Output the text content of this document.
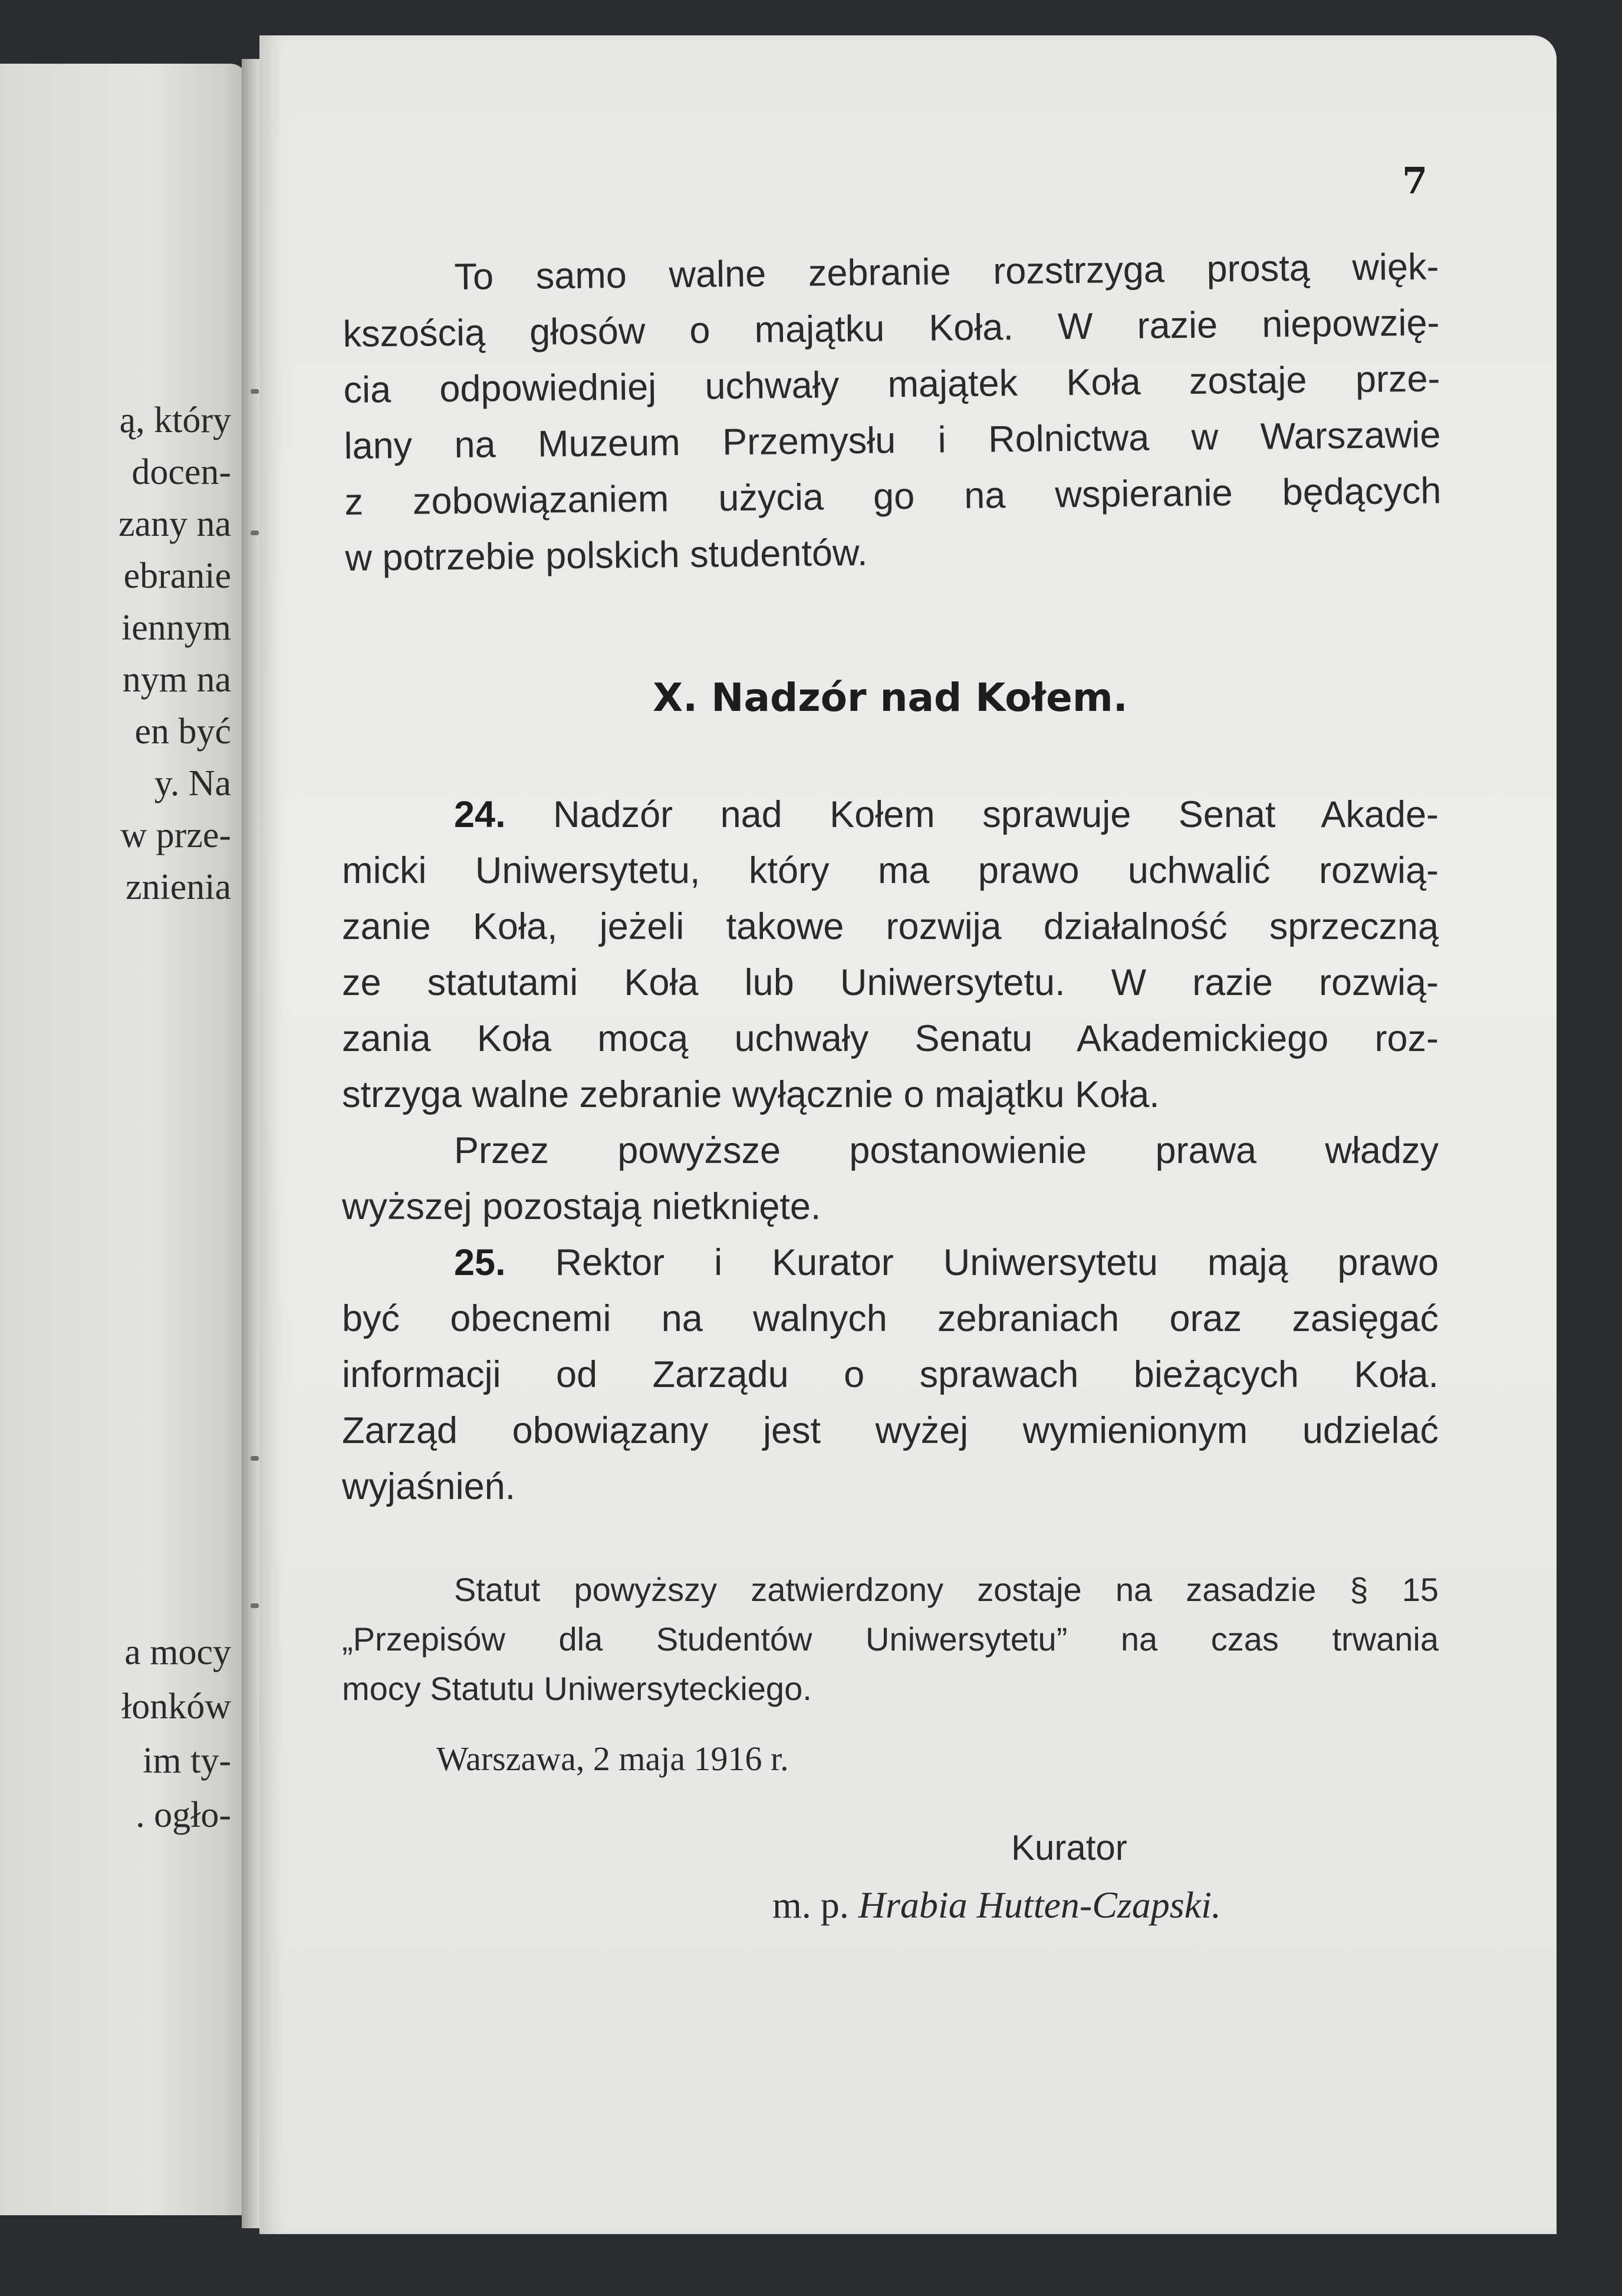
ą, który
docen-
zany na
ebranie
iennym
nym na
en być
y. Na
w prze-
znienia
a mocy
łonków
im ty-
. ogło-
7
To samo walne zebranie rozstrzyga prostą więk-
kszością głosów o majątku Koła. W razie niepowzię-
cia odpowiedniej uchwały majątek Koła zostaje prze-
lany na Muzeum Przemysłu i Rolnictwa w Warszawie
z zobowiązaniem użycia go na wspieranie będących
w potrzebie polskich studentów.
X. Nadzór nad Kołem.
24. Nadzór nad Kołem sprawuje Senat Akade-
micki Uniwersytetu, który ma prawo uchwalić rozwią-
zanie Koła, jeżeli takowe rozwija działalność sprzeczną
ze statutami Koła lub Uniwersytetu. W razie rozwią-
zania Koła mocą uchwały Senatu Akademickiego roz-
strzyga walne zebranie wyłącznie o majątku Koła.
Przez powyższe postanowienie prawa władzy
wyższej pozostają nietknięte.
25. Rektor i Kurator Uniwersytetu mają prawo
być obecnemi na walnych zebraniach oraz zasięgać
informacji od Zarządu o sprawach bieżących Koła.
Zarząd obowiązany jest wyżej wymienionym udzielać
wyjaśnień.
Statut powyższy zatwierdzony zostaje na zasadzie § 15
„Przepisów dla Studentów Uniwersytetu” na czas trwania
mocy Statutu Uniwersyteckiego.
Warszawa, 2 maja 1916 r.
Kurator
m. p. Hrabia Hutten-Czapski.
